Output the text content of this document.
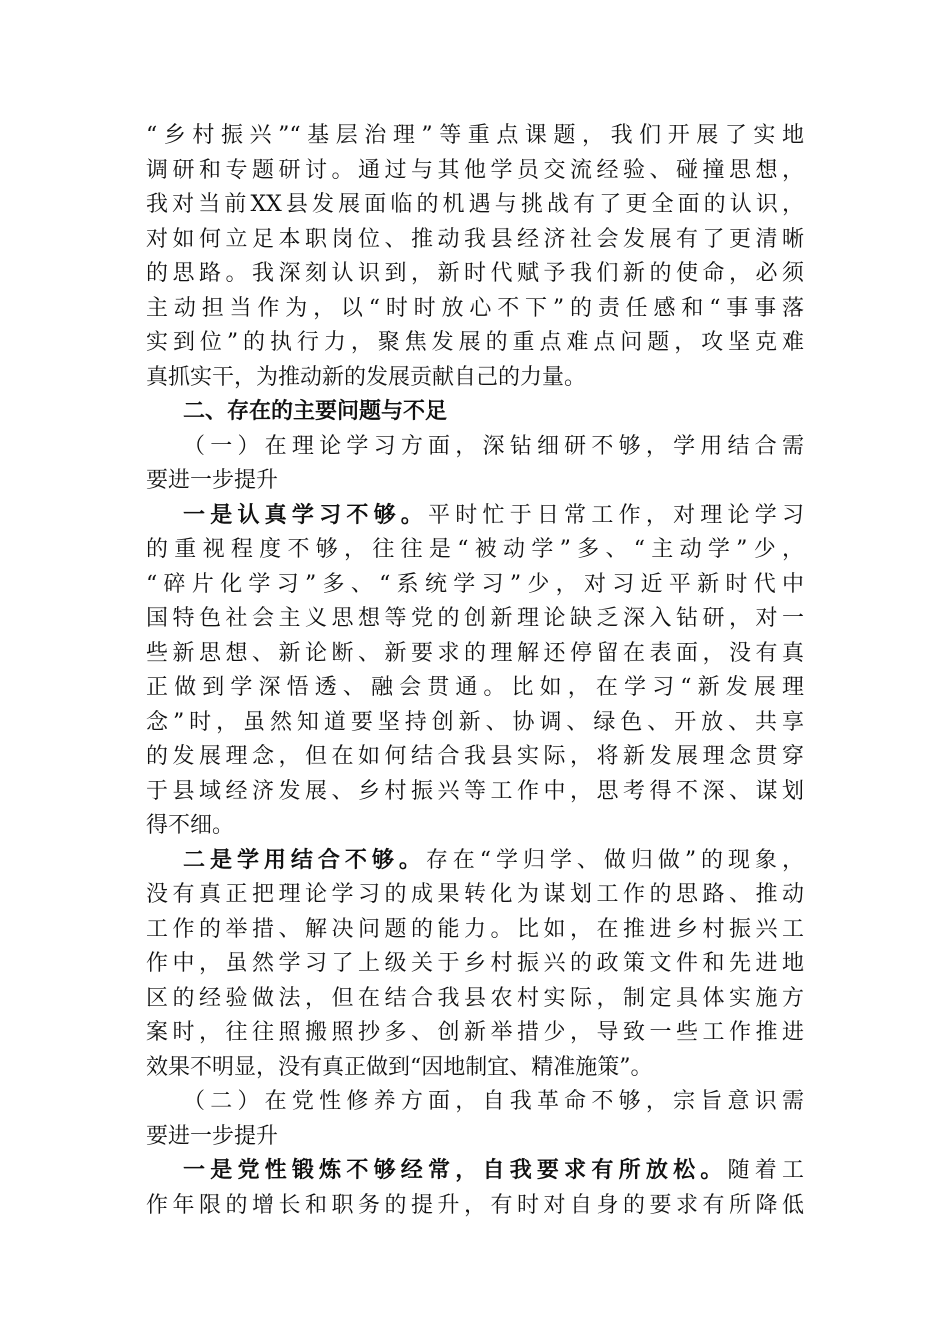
“乡村振兴”“基层治理”等重点课题，我们开展了实地
调研和专题研讨。通过与其他学员交流经验、碰撞思想，
我对当前XX县发展面临的机遇与挑战有了更全面的认识，
对如何立足本职岗位、推动我县经济社会发展有了更清晰
的思路。我深刻认识到，新时代赋予我们新的使命，必须
主动担当作为，以“时时放心不下”的责任感和“事事落
实到位”的执行力，聚焦发展的重点难点问题，攻坚克难
真抓实干，为推动新的发展贡献自己的力量。
二、存在的主要问题与不足
（一）在理论学习方面，深钻细研不够，学用结合需
要进一步提升
一是认真学习不够。平时忙于日常工作，对理论学习
的重视程度不够，往往是“被动学”多、“主动学”少，
“碎片化学习”多、“系统学习”少，对习近平新时代中
国特色社会主义思想等党的创新理论缺乏深入钻研，对一
些新思想、新论断、新要求的理解还停留在表面，没有真
正做到学深悟透、融会贯通。比如，在学习“新发展理
念”时，虽然知道要坚持创新、协调、绿色、开放、共享
的发展理念，但在如何结合我县实际，将新发展理念贯穿
于县域经济发展、乡村振兴等工作中，思考得不深、谋划
得不细。
二是学用结合不够。存在“学归学、做归做”的现象，
没有真正把理论学习的成果转化为谋划工作的思路、推动
工作的举措、解决问题的能力。比如，在推进乡村振兴工
作中，虽然学习了上级关于乡村振兴的政策文件和先进地
区的经验做法，但在结合我县农村实际，制定具体实施方
案时，往往照搬照抄多、创新举措少，导致一些工作推进
效果不明显，没有真正做到“因地制宜、精准施策”。
（二）在党性修养方面，自我革命不够，宗旨意识需
要进一步提升
一是党性锻炼不够经常，自我要求有所放松。随着工
作年限的增长和职务的提升，有时对自身的要求有所降低
